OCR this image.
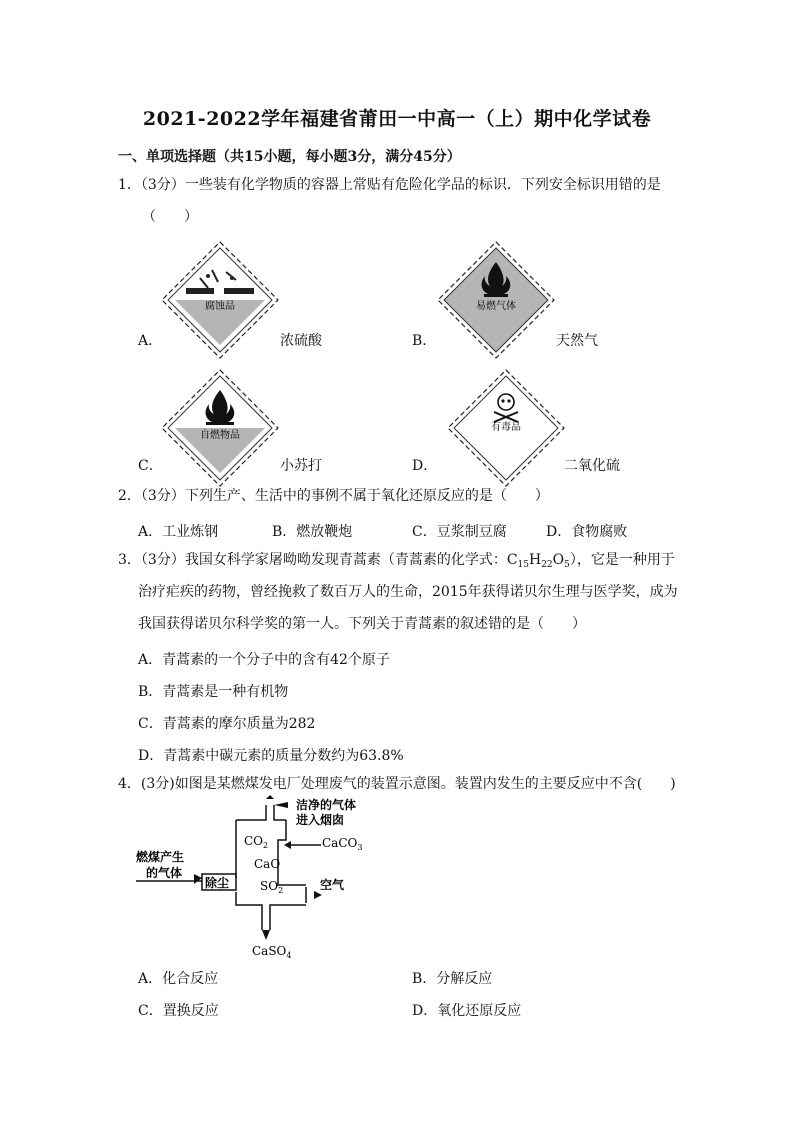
2021-2022学年福建省莆田一中高一（上）期中化学试卷
一、单项选择题（共15小题，每小题3分，满分45分）
1．（3分）一些装有化学物质的容器上常贴有危险化学品的标识．下列安全标识用错的是
（　　）
腐蚀品	易燃气体
A．	浓硫酸	B．	天然气
自燃物品
有毒品
C．	小苏打	D．	二氧化硫
2．（3分）下列生产、生活中的事例不属于氧化还原反应的是（　　）
A．工业炼钢	B．燃放鞭炮	C．豆浆制豆腐	D．食物腐败
3．（3分）我国女科学家屠呦呦发现青蒿素（青蒿素的化学式：$C_{15}H_{22}O_5$），它是一种用于
治疗疟疾的药物，曾经挽救了数百万人的生命，2015年获得诺贝尔生理与医学奖，成为
我国获得诺贝尔科学奖的第一人。下列关于青蒿素的叙述错的是（　　）
A．青蒿素的一个分子中的含有42个原子
B．青蒿素是一种有机物
C．青蒿素的摩尔质量为282
D．青蒿素中碳元素的质量分数约为63.8%
4．(3分)如图是某燃煤发电厂处理废气的装置示意图。装置内发生的主要反应中不含(　　)
洁净的气体
进入烟囱
$CO_2$	CaCO$_3$
燃煤产生
的气体
除尘
CaO
$SO_2$	空气
CaSO$_4$
A．化合反应	B．分解反应
C．置换反应	D．氧化还原反应
